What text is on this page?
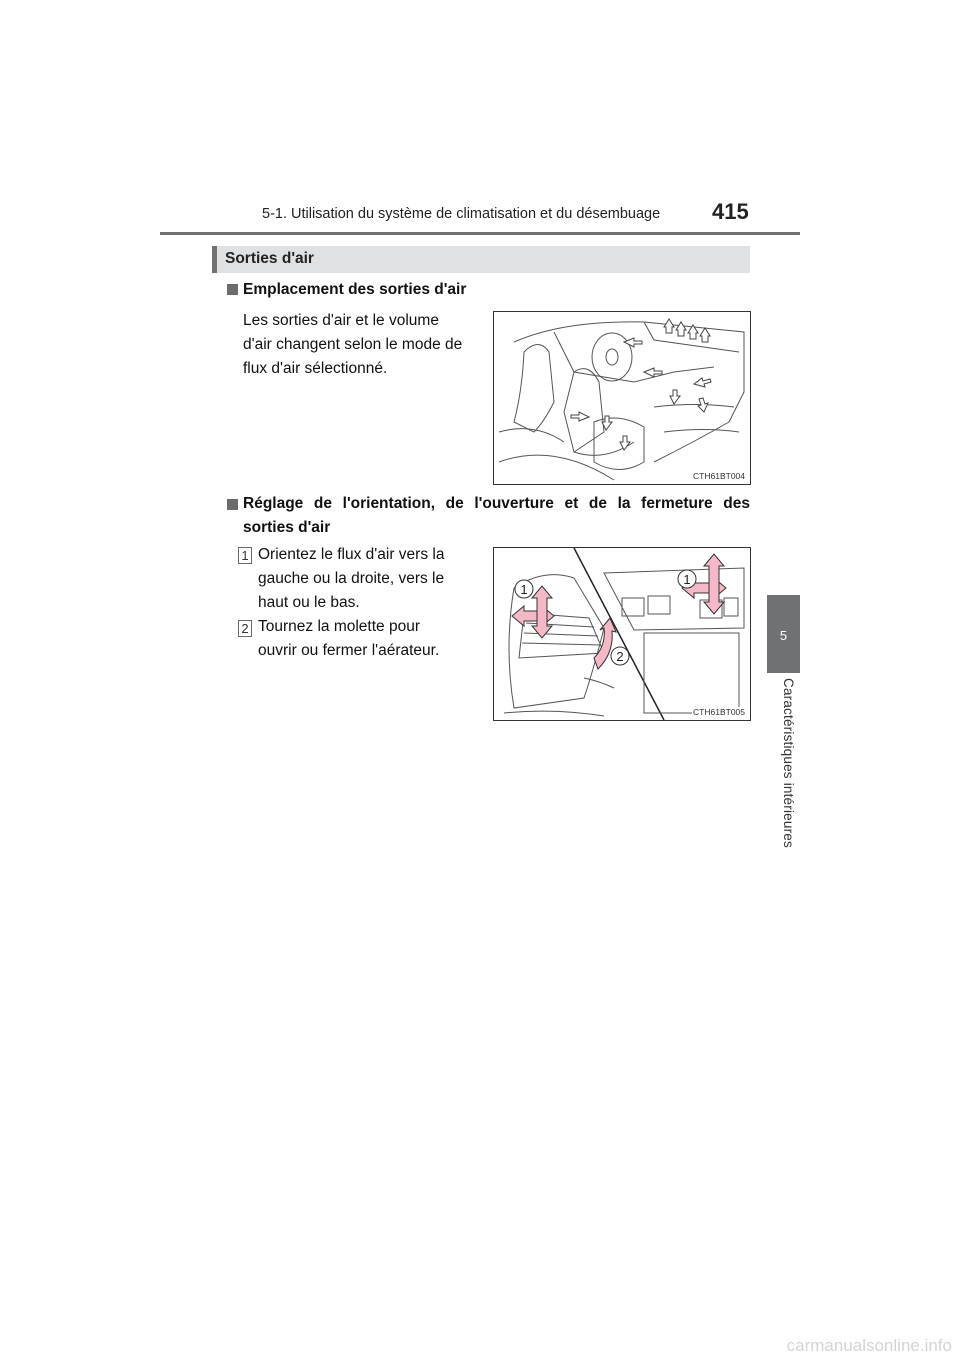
5-1. Utilisation du système de climatisation et du désembuage 415
5
Caractéristiques intérieures
Sorties d'air
Emplacement des sorties d'air
Les sorties d'air et le volume
d'air changent selon le mode de
flux d'air sélectionné.
CTH61BT004
Réglage de l'orientation, de l'ouverture et de la fermeture des
sorties d'air
1 Orientez le flux d'air vers la
gauche ou la droite, vers le
haut ou le bas.
2 Tournez la molette pour
ouvrir ou fermer l'aérateur.
1
1
2
CTH61BT005
carmanualsonline.info
